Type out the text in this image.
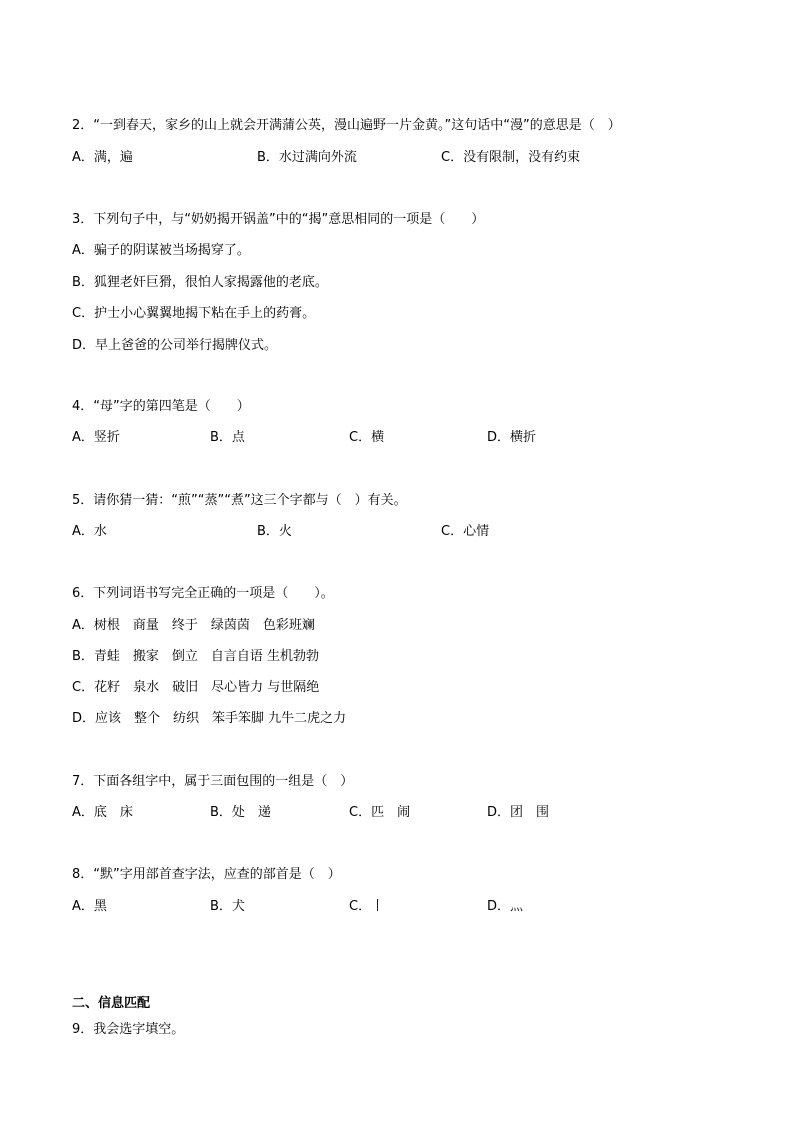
2．“一到春天，家乡的山上就会开满蒲公英，漫山遍野一片金黄。”这句话中“漫”的意思是（　）
A．满，遍	B．水过满向外流	C．没有限制，没有约束
3．下列句子中，与“奶奶揭开锅盖”中的“揭”意思相同的一项是（　　）
A．骗子的阴谋被当场揭穿了。
B．狐狸老奸巨猾，很怕人家揭露他的老底。
C．护士小心翼翼地揭下粘在手上的药膏。
D．早上爸爸的公司举行揭牌仪式。
4．“母”字的第四笔是（　　）
A．竖折	B．点	C．横	D．横折
5．请你猜一猜：“煎”“蒸”“煮”这三个字都与（　）有关。
A．水	B．火	C．心情
6．下列词语书写完全正确的一项是（　　）。
A．树根　商量　终于　绿茵茵　色彩班斓
B．青蛙　搬家　倒立　自言自语 生机勃勃
C．花籽　泉水　破旧　尽心皆力 与世隔绝
D．应该　整个　纺织　笨手笨脚 九牛二虎之力
7．下面各组字中，属于三面包围的一组是（　）
A．底　床	B．处　递	C．匹　闹	D．团　围
8．“默”字用部首查字法，应查的部首是（　）
A．黑	B．犬	C．丨	D．灬
二、信息匹配
9．我会选字填空。
